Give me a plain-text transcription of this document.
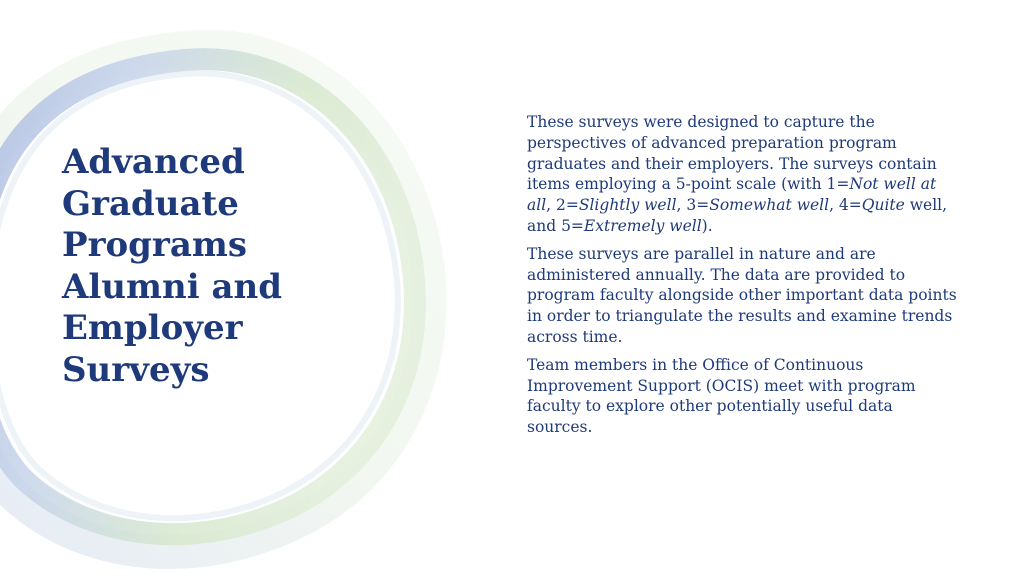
Advanced
Graduate
Programs
Alumni and
Employer
Surveys

These surveys were designed to capture the perspectives of advanced preparation program graduates and their employers. The surveys contain items employing a 5-point scale (with 1=Not well at all, 2=Slightly well, 3=Somewhat well, 4=Quite well, and 5=Extremely well).

These surveys are parallel in nature and are administered annually. The data are provided to program faculty alongside other important data points in order to triangulate the results and examine trends across time.

Team members in the Office of Continuous Improvement Support (OCIS) meet with program faculty to explore other potentially useful data sources.
